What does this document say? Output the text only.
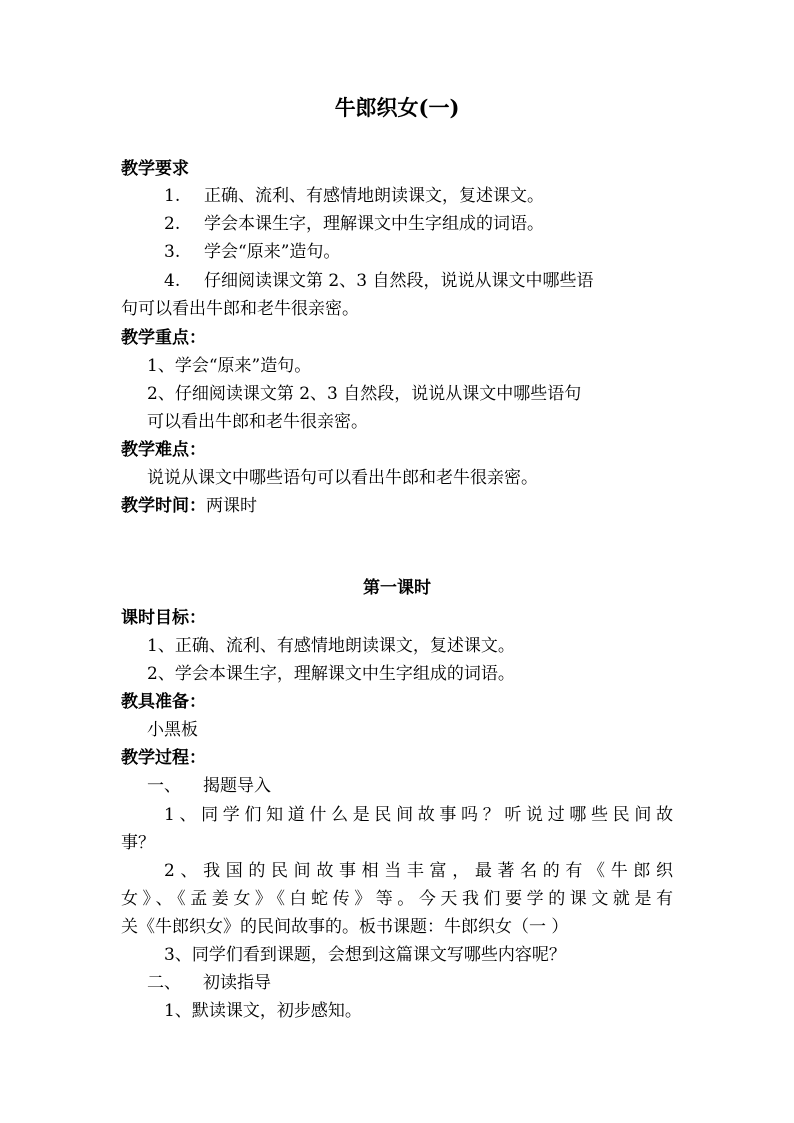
牛郎织女(一)
教学要求
1. 正确、流利、有感情地朗读课文，复述课文。
2. 学会本课生字，理解课文中生字组成的词语。
3. 学会“原来”造句。
4. 仔细阅读课文第 2、3 自然段，说说从课文中哪些语
句可以看出牛郎和老牛很亲密。
教学重点：
1、学会“原来”造句。
2、仔细阅读课文第 2、3 自然段，说说从课文中哪些语句
可以看出牛郎和老牛很亲密。
教学难点：
说说从课文中哪些语句可以看出牛郎和老牛很亲密。
教学时间：两课时
第一课时
课时目标：
1、正确、流利、有感情地朗读课文，复述课文。
2、学会本课生字，理解课文中生字组成的词语。
教具准备：
小黑板
教学过程：
一、 揭题导入
1、同学们知道什么是民间故事吗？听说过哪些民间故
事？
2、我国的民间故事相当丰富，最著名的有《牛郎织
女》、《孟姜女》《白蛇传》等。今天我们要学的课文就是有
关《牛郎织女》的民间故事的。板书课题：牛郎织女（一 ）
3、同学们看到课题，会想到这篇课文写哪些内容呢？
二、 初读指导
1、默读课文，初步感知。
